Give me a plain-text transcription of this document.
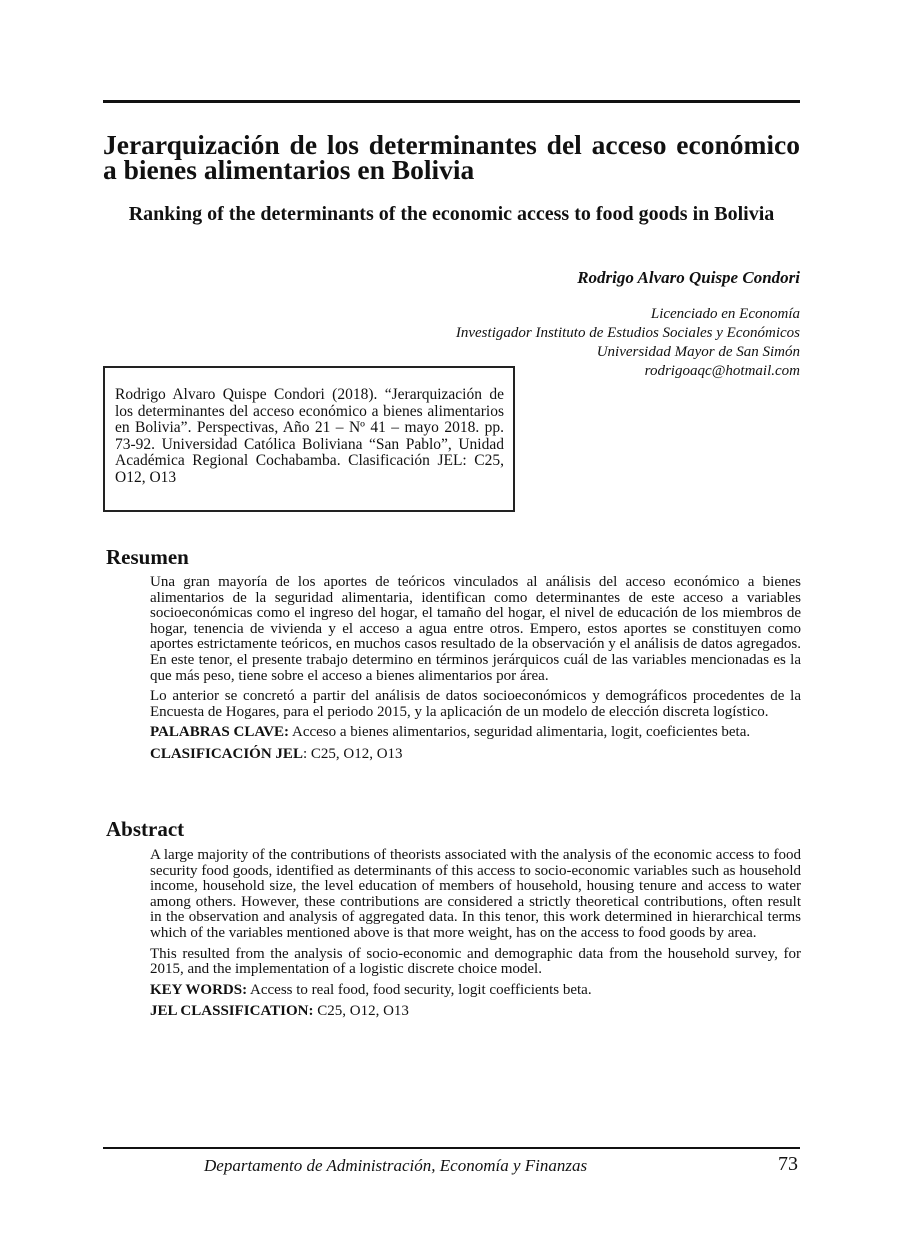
Jerarquización de los determinantes del acceso económico a bienes alimentarios en Bolivia
Ranking of the determinants of the economic access to food goods in Bolivia
Rodrigo Alvaro Quispe Condori
Licenciado en Economía
Investigador Instituto de Estudios Sociales y Económicos
Universidad Mayor de San Simón
rodrigoaqc@hotmail.com
Rodrigo Alvaro Quispe Condori (2018). “Jerarquización de los determinantes del acceso económico a bienes alimentarios en Bolivia”. Perspectivas, Año 21 – Nº 41 – mayo 2018. pp. 73-92. Universidad Católica Boliviana “San Pablo”, Unidad Académica Regional Cochabamba. Clasificación JEL: C25, O12, O13
Resumen

Una gran mayoría de los aportes de teóricos vinculados al análisis del acceso económico a bienes alimentarios de la seguridad alimentaria, identifican como determinantes de este acceso a variables socioeconómicas como el ingreso del hogar, el tamaño del hogar, el nivel de educación de los miembros de hogar, tenencia de vivienda y el acceso a agua entre otros. Empero, estos aportes se constituyen como aportes estrictamente teóricos, en muchos casos resultado de la observación y el análisis de datos agregados. En este tenor, el presente trabajo determino en términos jerárquicos cuál de las variables mencionadas es la que más peso, tiene sobre el acceso a bienes alimentarios por área.

Lo anterior se concretó a partir del análisis de datos socioeconómicos y demográficos procedentes de la Encuesta de Hogares, para el periodo 2015, y la aplicación de un modelo de elección discreta logístico.

PALABRAS CLAVE: Acceso a bienes alimentarios, seguridad alimentaria, logit, coeficientes beta.

CLASIFICACIÓN JEL: C25, O12, O13

Abstract

A large majority of the contributions of theorists associated with the analysis of the economic access to food security food goods, identified as determinants of this access to socio-economic variables such as household income, household size, the level education of members of household, housing tenure and access to water among others. However, these contributions are considered a strictly theoretical contributions, often result in the observation and analysis of aggregated data. In this tenor, this work determined in hierarchical terms which of the variables mentioned above is that more weight, has on the access to food goods by area.

This resulted from the analysis of socio-economic and demographic data from the household survey, for 2015, and the implementation of a logistic discrete choice model.

KEY WORDS: Access to real food, food security, logit coefficients beta.

JEL CLASSIFICATION: C25, O12, O13

Departamento de Administración, Economía y Finanzas	73
